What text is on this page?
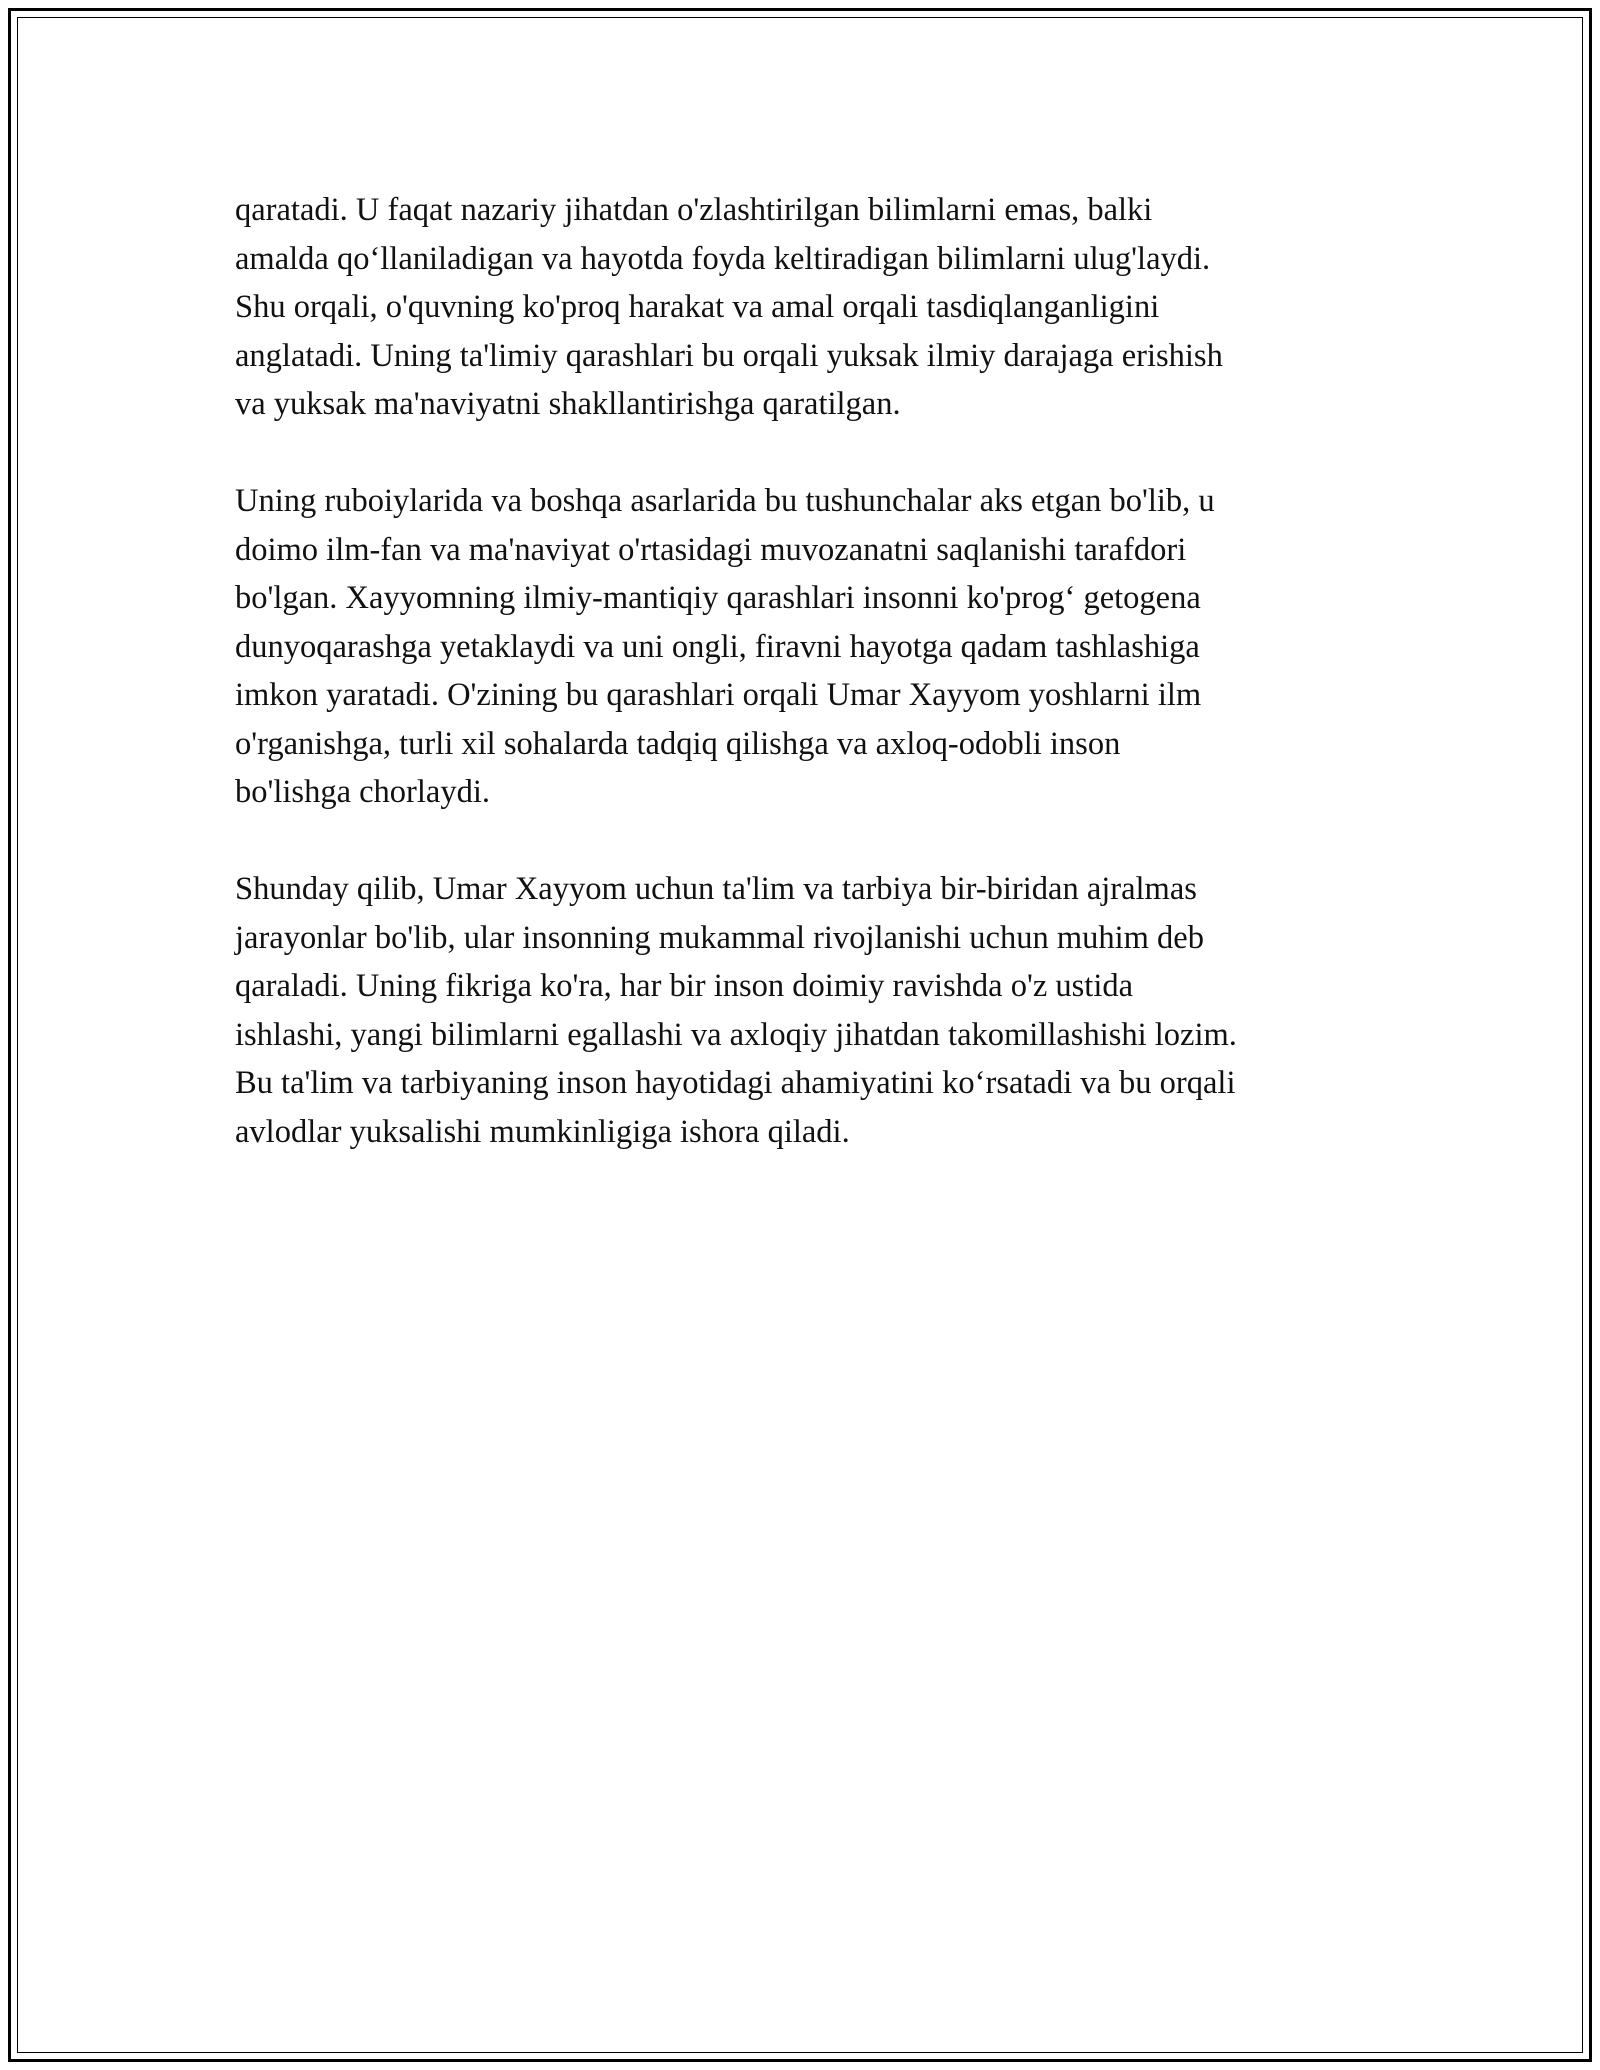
qaratadi. U faqat nazariy jihatdan o'zlashtirilgan bilimlarni emas, balki
amalda qo‘llaniladigan va hayotda foyda keltiradigan bilimlarni ulug'laydi.
Shu orqali, o'quvning ko'proq harakat va amal orqali tasdiqlanganligini
anglatadi. Uning ta'limiy qarashlari bu orqali yuksak ilmiy darajaga erishish
va yuksak ma'naviyatni shakllantirishga qaratilgan.

Uning ruboiylarida va boshqa asarlarida bu tushunchalar aks etgan bo'lib, u
doimo ilm-fan va ma'naviyat o'rtasidagi muvozanatni saqlanishi tarafdori
bo'lgan. Xayyomning ilmiy-mantiqiy qarashlari insonni ko'prog‘ getogena
dunyoqarashga yetaklaydi va uni ongli, firavni hayotga qadam tashlashiga
imkon yaratadi. O'zining bu qarashlari orqali Umar Xayyom yoshlarni ilm
o'rganishga, turli xil sohalarda tadqiq qilishga va axloq-odobli inson
bo'lishga chorlaydi.

Shunday qilib, Umar Xayyom uchun ta'lim va tarbiya bir-biridan ajralmas
jarayonlar bo'lib, ular insonning mukammal rivojlanishi uchun muhim deb
qaraladi. Uning fikriga ko'ra, har bir inson doimiy ravishda o'z ustida
ishlashi, yangi bilimlarni egallashi va axloqiy jihatdan takomillashishi lozim.
Bu ta'lim va tarbiyaning inson hayotidagi ahamiyatini ko‘rsatadi va bu orqali
avlodlar yuksalishi mumkinligiga ishora qiladi.
